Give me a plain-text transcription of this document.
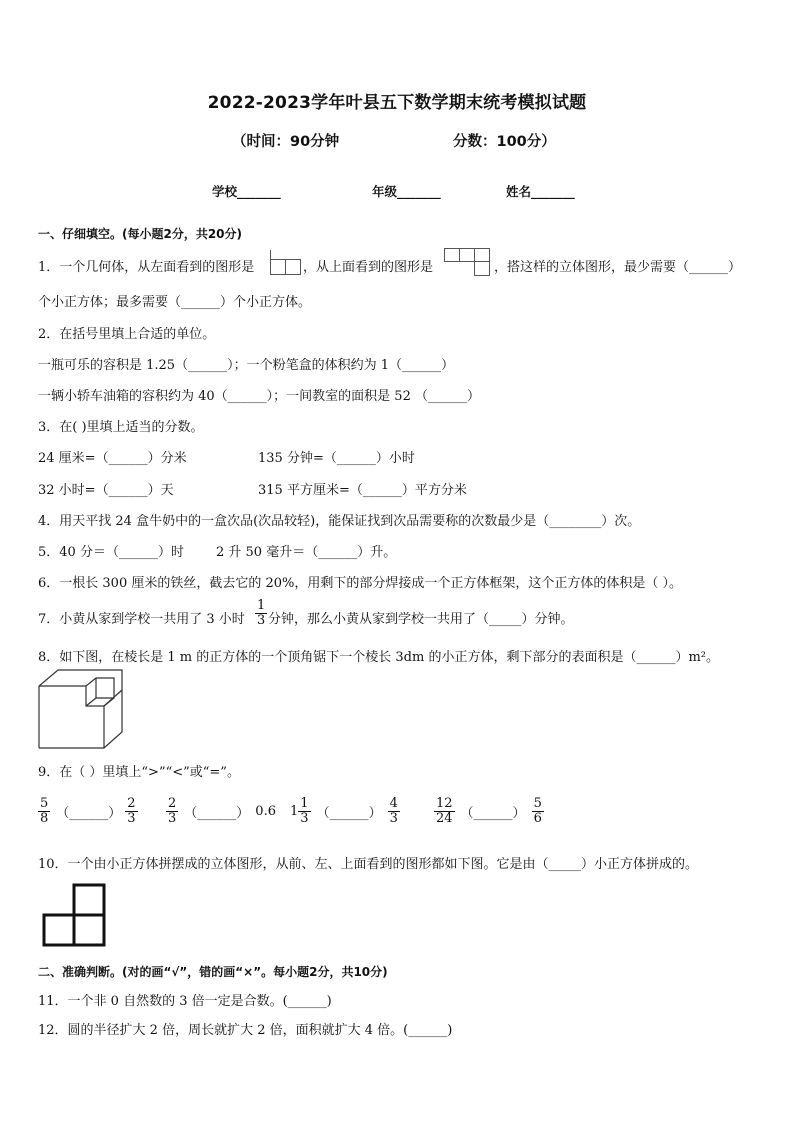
2022-2023学年叶县五下数学期末统考模拟试题
（时间：90分钟	分数：100分）
学校_______	年级_______	姓名_______
一、仔细填空。(每小题2分，共20分)
1．一个几何体，从左面看到的图形是	，从上面看到的图形是	，搭这样的立体图形，最少需要（______）
个小正方体；最多需要（______）个小正方体。
2．在括号里填上合适的单位。
一瓶可乐的容积是 1.25（______）；一个粉笔盒的体积约为 1（______）
一辆小轿车油箱的容积约为 40（______）；一间教室的面积是 52 （______）
3．在( )里填上适当的分数。
24 厘米=（______）分米	135 分钟=（______）小时
32 小时=（______）天	315 平方厘米=（______）平方分米
4．用天平找 24 盒牛奶中的一盒次品(次品较轻)，能保证找到次品需要称的次数最少是（________）次。
5．40 分＝（______）时 2 升 50 毫升＝（______）升。
6．一根长 300 厘米的铁丝，截去它的 20%，用剩下的部分焊接成一个正方体框架，这个正方体的体积是（ ）。
7．小黄从家到学校一共用了 3 小时 $\frac{1}{3}$ 分钟，那么小黄从家到学校一共用了（_____）分钟。
8．如下图，在棱长是 1 m 的正方体的一个顶角锯下一个棱长 3dm 的小正方体，剩下部分的表面积是（______）m²。
9．在（ ）里填上“>”“<”或“=”。
$\frac{5}{8}$ （______） $\frac{2}{3} \frac{2}{3}$ （______） 0.6 $1 \frac{1}{3}$ （______） $\frac{4}{3}$	$\frac{12}{24}$ （______） $\frac{5}{6}$
10．一个由小正方体拼摆成的立体图形，从前、左、上面看到的图形都如下图。它是由（_____）小正方体拼成的。
二、准确判断。(对的画“√”，错的画“×”。每小题2分，共10分)
11．一个非 0 自然数的 3 倍一定是合数。(______)
12．圆的半径扩大 2 倍，周长就扩大 2 倍，面积就扩大 4 倍。(______)
